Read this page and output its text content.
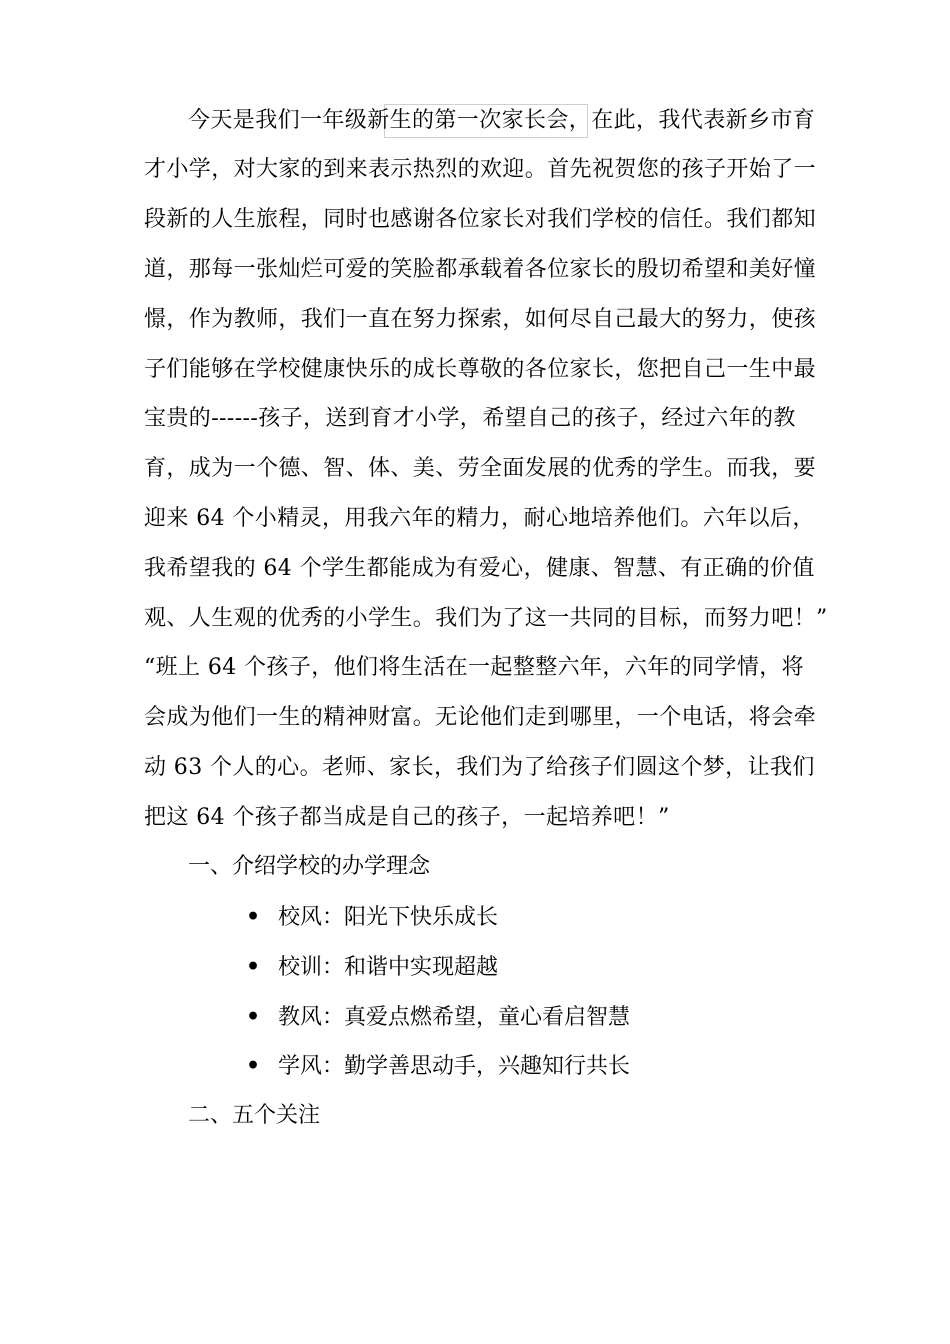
今天是我们一年级新生的第一次家长会，在此，我代表新乡市育
才小学，对大家的到来表示热烈的欢迎。首先祝贺您的孩子开始了一
段新的人生旅程，同时也感谢各位家长对我们学校的信任。我们都知
道，那每一张灿烂可爱的笑脸都承载着各位家长的殷切希望和美好憧
憬，作为教师，我们一直在努力探索，如何尽自己最大的努力，使孩
子们能够在学校健康快乐的成长尊敬的各位家长，您把自己一生中最
宝贵的------孩子，送到育才小学，希望自己的孩子，经过六年的教
育，成为一个德、智、体、美、劳全面发展的优秀的学生。而我，要
迎来 64 个小精灵，用我六年的精力，耐心地培养他们。六年以后，
我希望我的 64 个学生都能成为有爱心，健康、智慧、有正确的价值
观、人生观的优秀的小学生。我们为了这一共同的目标，而努力吧！”
“班上 64 个孩子，他们将生活在一起整整六年，六年的同学情，将
会成为他们一生的精神财富。无论他们走到哪里，一个电话，将会牵
动 63 个人的心。老师、家长，我们为了给孩子们圆这个梦，让我们
把这 64 个孩子都当成是自己的孩子，一起培养吧！”
一、介绍学校的办学理念
• 校风：阳光下快乐成长
• 校训：和谐中实现超越
• 教风：真爱点燃希望，童心看启智慧
• 学风：勤学善思动手，兴趣知行共长
二、五个关注
